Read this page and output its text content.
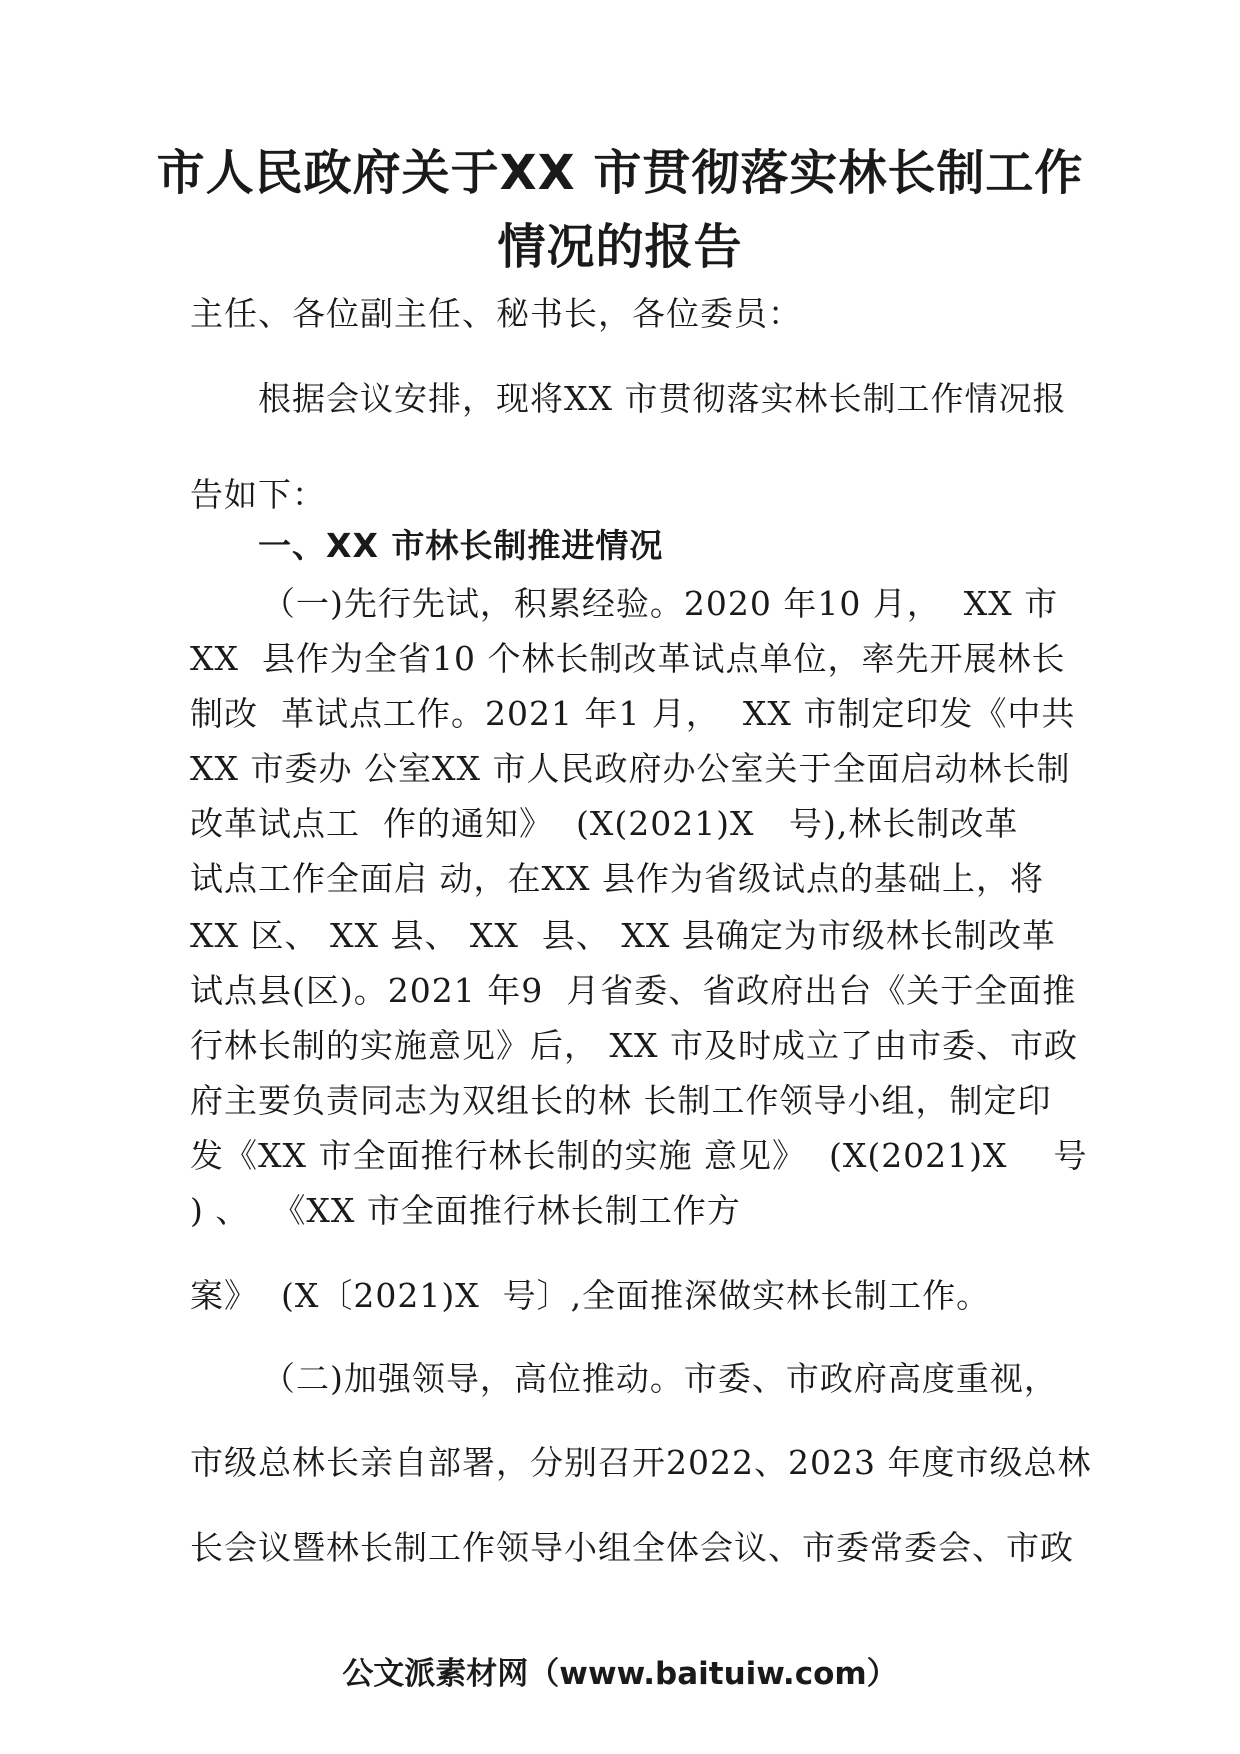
市人民政府关于XX 市贯彻落实林长制工作
情况的报告
主任、各位副主任、秘书长，各位委员：
根据会议安排，现将XX 市贯彻落实林长制工作情况报
告如下：
一、XX 市林长制推进情况
（一)先行先试，积累经验。2020 年10 月，  XX 市
XX  县作为全省10 个林长制改革试点单位，率先开展林长
制改  革试点工作。2021 年1 月，  XX 市制定印发《中共
XX 市委办 公室XX 市人民政府办公室关于全面启动林长制
改革试点工  作的通知》  (X(2021)X   号),林长制改革
试点工作全面启 动，在XX 县作为省级试点的基础上，将
XX 区、 XX 县、 XX  县、 XX 县确定为市级林长制改革
试点县(区)。2021 年9  月省委、省政府出台《关于全面推
行林长制的实施意见》后， XX 市及时成立了由市委、市政
府主要负责同志为双组长的林 长制工作领导小组，制定印
发《XX 市全面推行林长制的实施 意见》  (X(2021)X    号
) 、  《XX 市全面推行林长制工作方
案》  (X〔2021)X  号〕,全面推深做实林长制工作。
（二)加强领导，高位推动。市委、市政府高度重视，
市级总林长亲自部署，分别召开2022、2023 年度市级总林
长会议暨林长制工作领导小组全体会议、市委常委会、市政
公文派素材网（www.baituiw.com）
